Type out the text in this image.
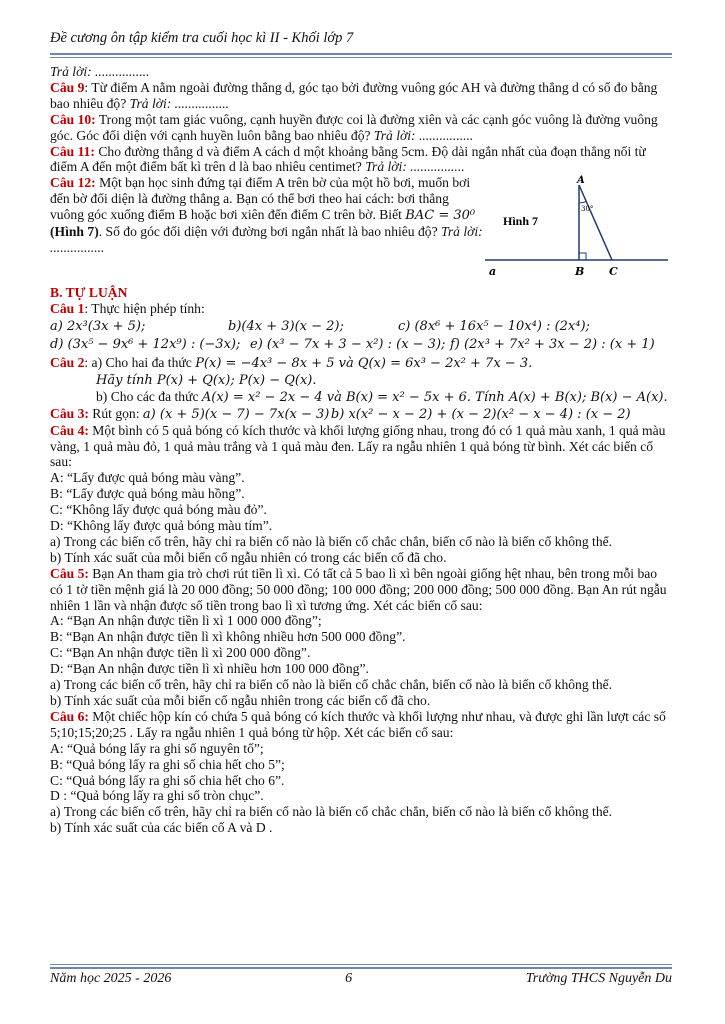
Đề cương ôn tập kiểm tra cuối học kì II - Khối lớp 7

Trả lời: ................

Câu 9: Từ điểm A nằm ngoài đường thẳng d, góc tạo bởi đường vuông góc AH và đường thẳng d có số đo bằng bao nhiêu độ? Trả lời: ................

Câu 10: Trong một tam giác vuông, cạnh huyền được coi là đường xiên và các cạnh góc vuông là đường vuông góc. Góc đối diện với cạnh huyền luôn bằng bao nhiêu độ? Trả lời: ................

Câu 11: Cho đường thẳng d và điểm A cách d một khoảng bằng 5cm. Độ dài ngắn nhất của đoạn thẳng nối từ điểm A đến một điểm bất kì trên d là bao nhiêu centimet? Trả lời: ................

Câu 12: Một bạn học sinh đứng tại điểm A trên bờ của một hồ bơi, muốn bơi đến bờ đối diện là đường thẳng a. Bạn có thể bơi theo hai cách: bơi thẳng vuông góc xuống điểm B hoặc bơi xiên đến điểm C trên bờ. Biết BAC = 30⁰ (Hình 7). Số đo góc đối diện với đường bơi ngắn nhất là bao nhiêu độ? Trả lời: ................

A
B C
a
30°
Hình 7

B. TỰ LUẬN

Câu 1: Thực hiện phép tính:

a) 2x³(3x + 5);	b)(4x + 3)(x − 2);	c) (8x⁶ + 16x⁵ − 10x⁴) : (2x⁴);
d) (3x⁵ − 9x⁶ + 12x⁹) : (−3x); e) (x³ − 7x + 3 − x²) : (x − 3); f) (2x³ + 7x² + 3x − 2) : (x + 1)

Câu 2: a) Cho hai đa thức P(x) = −4x³ − 8x + 5 và Q(x) = 6x³ − 2x² + 7x − 3.

Hãy tính P(x) + Q(x); P(x) − Q(x).

b) Cho các đa thức A(x) = x² − 2x − 4 và B(x) = x² − 5x + 6. Tính A(x) + B(x); B(x) − A(x).

Câu 3: Rút gọn: a) (x + 5)(x − 7) − 7x(x − 3) b) x(x² − x − 2) + (x − 2)(x² − x − 4) : (x − 2)

Câu 4: Một bình có 5 quả bóng có kích thước và khối lượng giống nhau, trong đó có 1 quả màu xanh, 1 quả màu vàng, 1 quả màu đỏ, 1 quả màu trắng và 1 quả màu đen. Lấy ra ngẫu nhiên 1 quả bóng từ bình. Xét các biến cố sau:

A: “Lấy được quả bóng màu vàng”.

B: “Lấy được quả bóng màu hồng”.

C: “Không lấy được quả bóng màu đỏ”.

D: “Không lấy được quả bóng màu tím”.

a) Trong các biến cố trên, hãy chỉ ra biến cố nào là biến cố chắc chắn, biến cố nào là biến cố không thể.

b) Tính xác suất của mỗi biến cố ngẫu nhiên có trong các biến cố đã cho.

Câu 5: Bạn An tham gia trò chơi rút tiền lì xì. Có tất cả 5 bao lì xì bên ngoài giống hệt nhau, bên trong mỗi bao có 1 tờ tiền mệnh giá là 20 000 đồng; 50 000 đồng; 100 000 đồng; 200 000 đồng; 500 000 đồng. Bạn An rút ngẫu nhiên 1 lần và nhận được số tiền trong bao lì xì tương ứng. Xét các biến cố sau:

A: “Bạn An nhận được tiền lì xì 1 000 000 đồng”;

B: “Bạn An nhận được tiền lì xì không nhiều hơn 500 000 đồng”.

C: “Bạn An nhận được tiền lì xì 200 000 đồng”.

D: “Bạn An nhận được tiền lì xì nhiều hơn 100 000 đồng”.

a) Trong các biến cố trên, hãy chỉ ra biến cố nào là biến cố chắc chắn, biến cố nào là biến cố không thể.

b) Tính xác suất của mỗi biến cố ngẫu nhiên trong các biến cố đã cho.

Câu 6: Một chiếc hộp kín có chứa 5 quả bóng có kích thước và khối lượng như nhau, và được ghi lần lượt các số 5;10;15;20;25 . Lấy ra ngẫu nhiên 1 quả bóng từ hộp. Xét các biến cố sau:

A: “Quả bóng lấy ra ghi số nguyên tố”;

B: “Quả bóng lấy ra ghi số chia hết cho 5”;

C: “Quả bóng lấy ra ghi số chia hết cho 6”.

D : “Quả bóng lấy ra ghi số tròn chục”.

a) Trong các biến cố trên, hãy chỉ ra biến cố nào là biến cố chắc chắn, biến cố nào là biến cố không thể.

b) Tính xác suất của các biến cố A và D .

Năm học 2025 - 2026	6	Trường THCS Nguyễn Du
